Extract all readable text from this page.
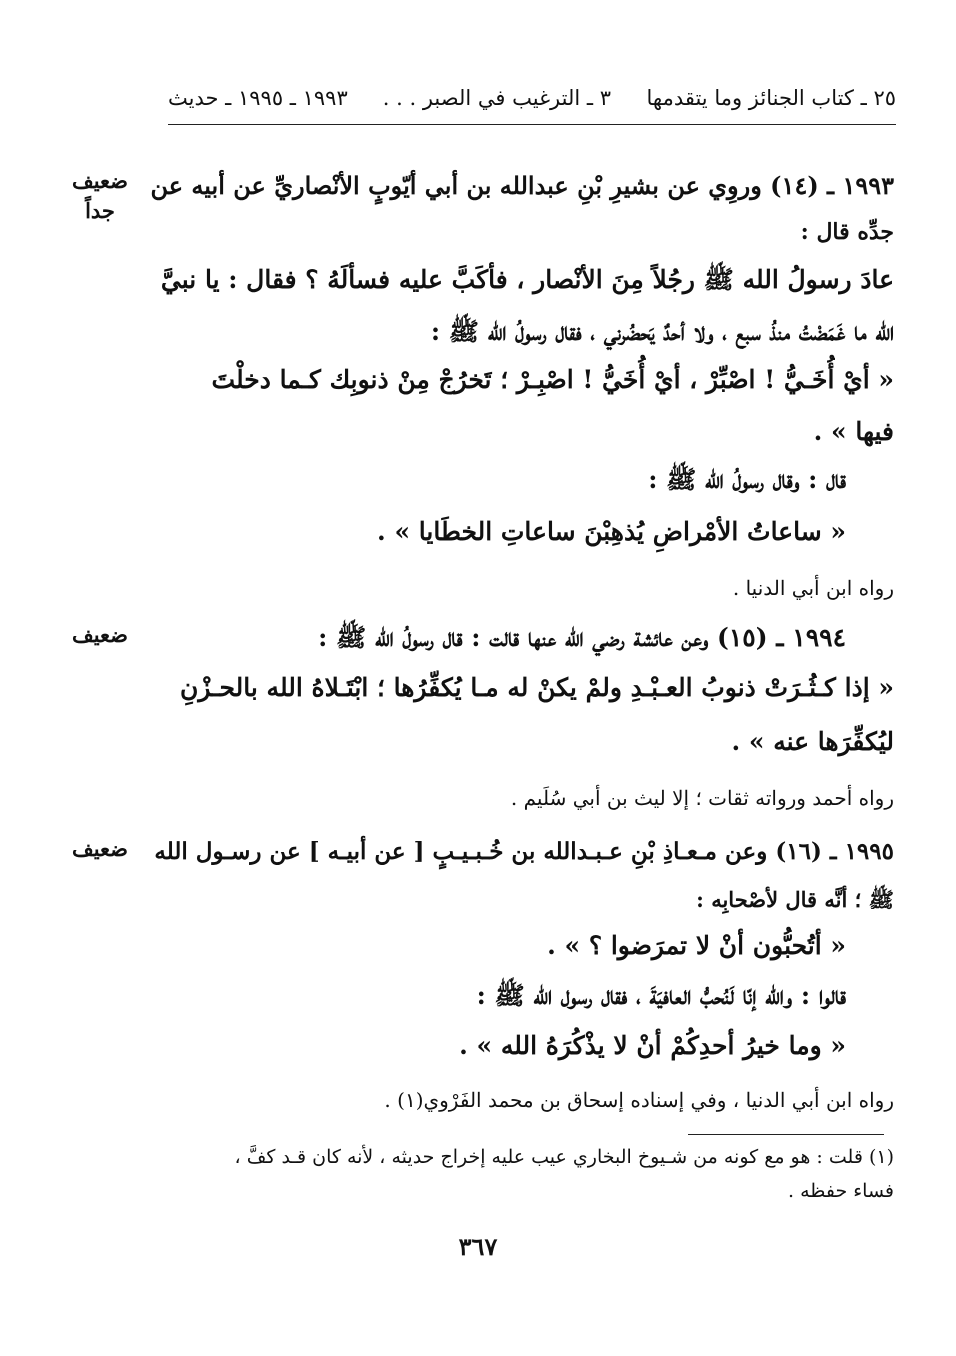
٢٥ ـ كتاب الجنائز وما يتقدمها
٣ ـ الترغيب في الصبر . . .
١٩٩٣ ـ ١٩٩٥ ـ حديث
ضعيف
جداً
١٩٩٣ ـ (١٤) وروِي عن بشيرِ بْنِ عبدالله بن أبي أيّوبٍ الأنْصاريِّ عن أبيه عن
جدِّه قال :
عادَ رسولُ الله ﷺ رجُلاً مِنَ الأنْصار ، فأكَبَّ عليه فسألَهُ ؟ فقال : يا نبيَّ
الله ما غَمَضْتُ منذُ سبع ، ولا أحدٌ يَحضُرني ، فقال رسولُ الله ﷺ :
« أيْ أُخَـيُّ ! اصْبِّرْ ، أيْ أُخَيُّ ! اصْبِـرْ ؛ تَخرُجْ مِنْ ذنوبِك كـما دخلْتَ
فيها » .
قال : وقال رسولُ الله ﷺ :
« ساعاتُ الأمْراضِ يُذهِبْنَ ساعاتِ الخطَايا » .
رواه ابن أبي الدنيا .
ضعيف	١٩٩٤ ـ (١٥) وعن عائشة رضي الله عنها قالت : قال رسولُ الله ﷺ :
« إذا كـثُـرَتْ ذنوبُ العـبْـدِ ولمْ يكنْ له مـا يُكفِّرُها ؛ ابْتَـلاهُ الله بالحـزْنِ
ليُكفِّرَها عنه » .
رواه أحمد ورواته ثقات ؛ إلا ليث بن أبي سُلَيم .
ضعيف	١٩٩٥ ـ (١٦) وعن مـعـاذِ بْنِ عـبـدالله بن خُـبـيـبٍ [ عن أبيـه ] عن رسـول الله
ﷺ ؛ أنَّه قال لأصْحابِه :
« أتُحبُّون أنْ لا تمرَضوا ؟ » .
قالوا : والله إنّا لَنُحبُّ العافيَةَ ، فقال رسول الله ﷺ :
« وما خيرُ أحدِكُمْ أنْ لا يذْكُرَهُ الله » .
رواه ابن أبي الدنيا ، وفي إسناده إسحاق بن محمد الفَرْوي(١) .
(١) قلت : هو مع كونه من شـيوخ البخاري عيب عليه إخراج حديثه ، لأنه كان قـد كفَّ ،
فساء حفظه .
٣٦٧
